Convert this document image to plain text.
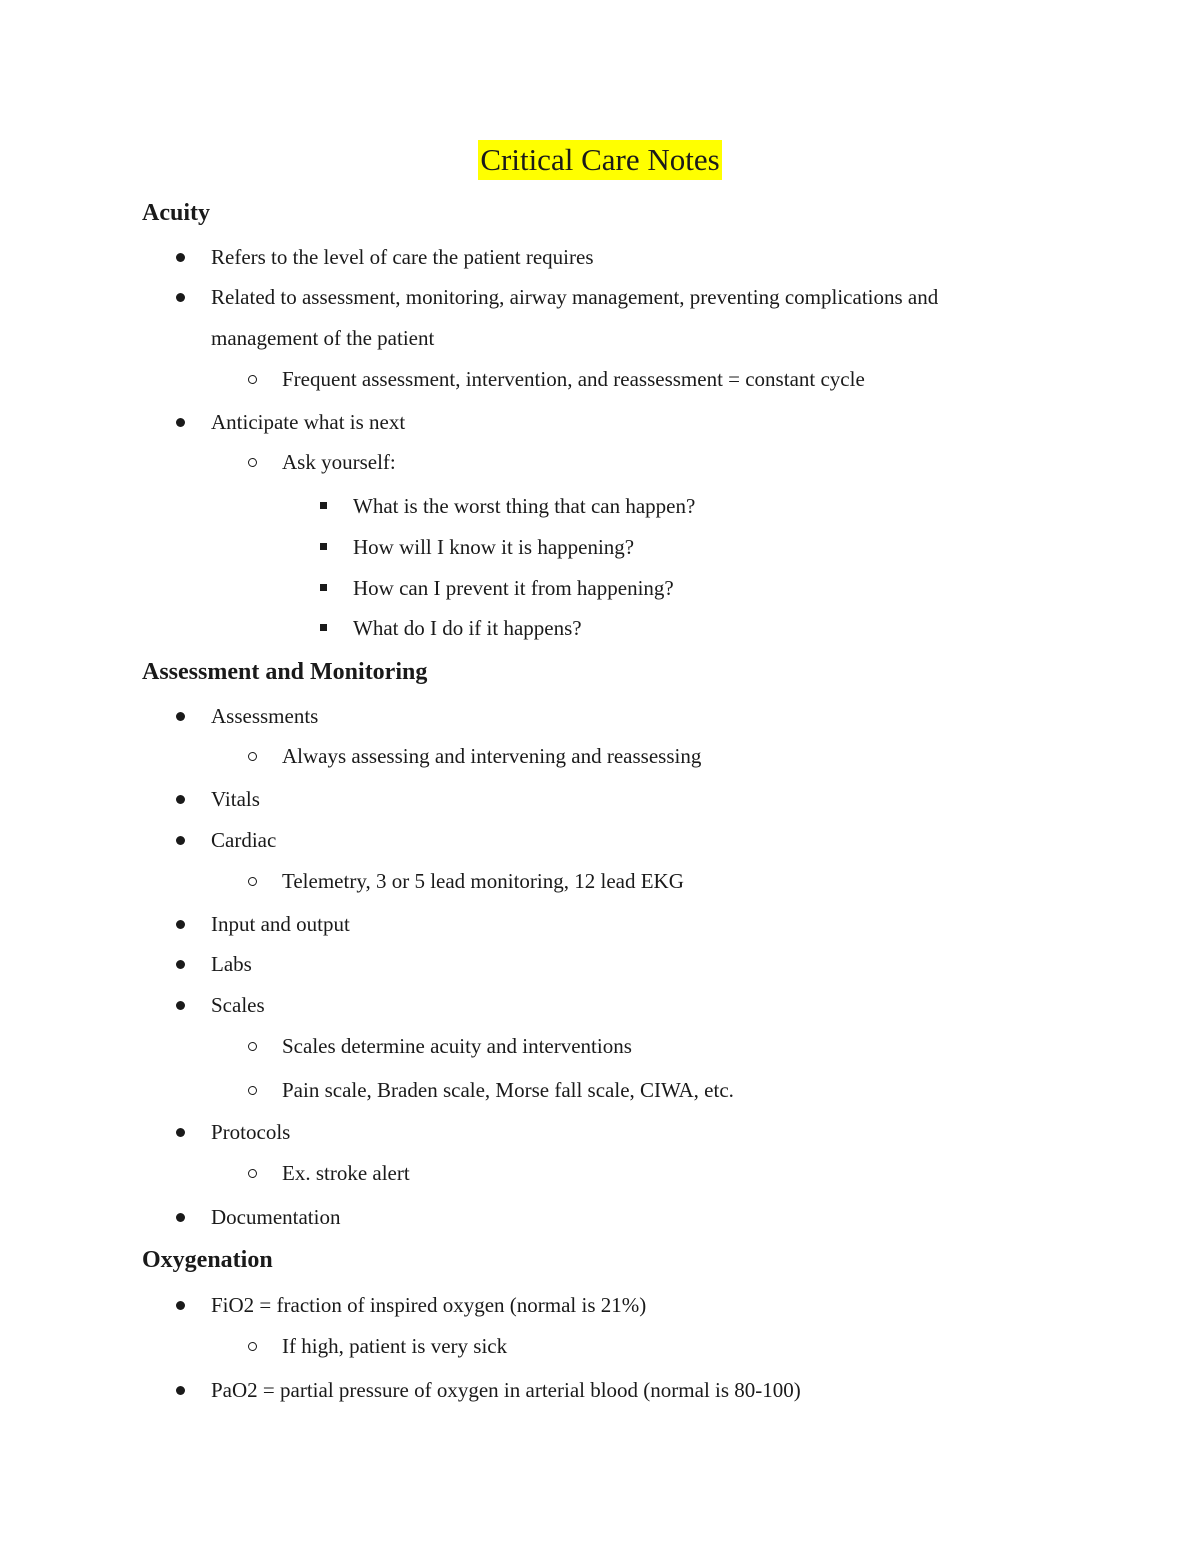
Critical Care Notes
Acuity
Refers to the level of care the patient requires
Related to assessment, monitoring, airway management, preventing complications and
management of the patient
Frequent assessment, intervention, and reassessment = constant cycle
Anticipate what is next
Ask yourself:
What is the worst thing that can happen?
How will I know it is happening?
How can I prevent it from happening?
What do I do if it happens?
Assessment and Monitoring
Assessments
Always assessing and intervening and reassessing
Vitals
Cardiac
Telemetry, 3 or 5 lead monitoring, 12 lead EKG
Input and output
Labs
Scales
Scales determine acuity and interventions
Pain scale, Braden scale, Morse fall scale, CIWA, etc.
Protocols
Ex. stroke alert
Documentation
Oxygenation
FiO2 = fraction of inspired oxygen (normal is 21%)
If high, patient is very sick
PaO2 = partial pressure of oxygen in arterial blood (normal is 80-100)
